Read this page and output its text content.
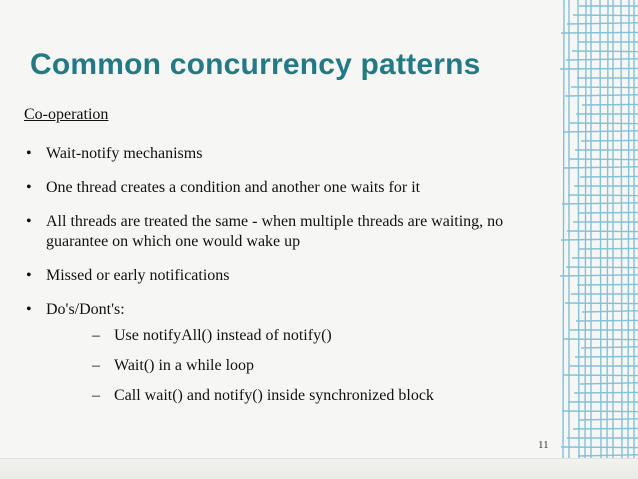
Common concurrency patterns
Co-operation
• Wait-notify mechanisms
• One thread creates a condition and another one waits for it
• All threads are treated the same - when multiple threads are waiting, no guarantee on which one would wake up
• Missed or early notifications
• Do's/Dont's:
– Use notifyAll() instead of notify()
– Wait() in a while loop
– Call wait() and notify() inside synchronized block
11
